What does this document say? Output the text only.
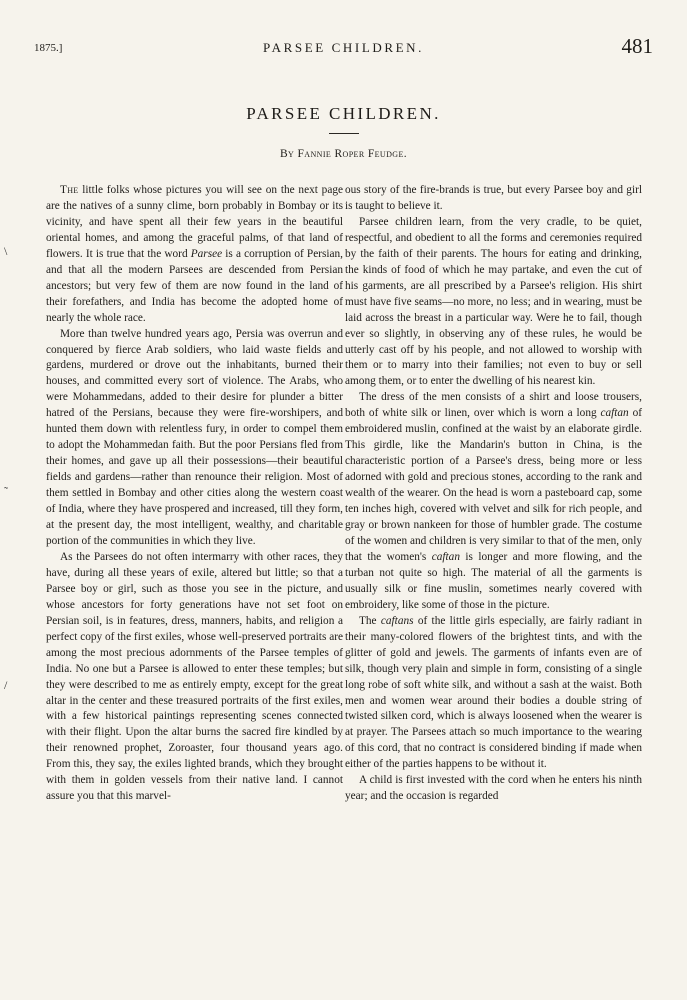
1875.]	PARSEE CHILDREN.	481
PARSEE CHILDREN.
By Fannie Roper Feudge.

The little folks whose pictures you will see on the next page are the natives of a sunny clime, born probably in Bombay or its vicinity, and have spent all their few years in the beautiful oriental homes, and among the graceful palms, of that land of flowers. It is true that the word Parsee is a corruption of Persian, and that all the modern Parsees are descended from Persian ancestors; but very few of them are now found in the land of their forefathers, and India has become the adopted home of nearly the whole race.

More than twelve hundred years ago, Persia was overrun and conquered by fierce Arab soldiers, who laid waste fields and gardens, murdered or drove out the inhabitants, burned their houses, and committed every sort of violence. The Arabs, who were Mohammedans, added to their desire for plunder a bitter hatred of the Persians, because they were fire-worshipers, and hunted them down with relentless fury, in order to compel them to adopt the Mohammedan faith. But the poor Persians fled from their homes, and gave up all their possessions—their beautiful fields and gardens—rather than renounce their religion. Most of them settled in Bombay and other cities along the western coast of India, where they have prospered and increased, till they form, at the present day, the most intelligent, wealthy, and charitable portion of the communities in which they live.

As the Parsees do not often intermarry with other races, they have, during all these years of exile, altered but little; so that a Parsee boy or girl, such as those you see in the picture, and whose ancestors for forty generations have not set foot on Persian soil, is in features, dress, manners, habits, and religion a perfect copy of the first exiles, whose well-preserved portraits are among the most precious adornments of the Parsee temples of India. No one but a Parsee is allowed to enter these temples; but they were described to me as entirely empty, except for the great altar in the center and these treasured portraits of the first exiles, with a few historical paintings representing scenes connected with their flight. Upon the altar burns the sacred fire kindled by their renowned prophet, Zoroaster, four thousand years ago. From this, they say, the exiles lighted brands, which they brought with them in golden vessels from their native land. I cannot assure you that this marvel-

ous story of the fire-brands is true, but every Parsee boy and girl is taught to believe it.

Parsee children learn, from the very cradle, to be quiet, respectful, and obedient to all the forms and ceremonies required by the faith of their parents. The hours for eating and drinking, the kinds of food of which he may partake, and even the cut of his garments, are all prescribed by a Parsee's religion. His shirt must have five seams—no more, no less; and in wearing, must be laid across the breast in a particular way. Were he to fail, though ever so slightly, in observing any of these rules, he would be utterly cast off by his people, and not allowed to worship with them or to marry into their families; not even to buy or sell among them, or to enter the dwelling of his nearest kin.

The dress of the men consists of a shirt and loose trousers, both of white silk or linen, over which is worn a long caftan of embroidered muslin, confined at the waist by an elaborate girdle. This girdle, like the Mandarin's button in China, is the characteristic portion of a Parsee's dress, being more or less adorned with gold and precious stones, according to the rank and wealth of the wearer. On the head is worn a pasteboard cap, some ten inches high, covered with velvet and silk for rich people, and gray or brown nankeen for those of humbler grade. The costume of the women and children is very similar to that of the men, only that the women's caftan is longer and more flowing, and the turban not quite so high. The material of all the garments is usually silk or fine muslin, sometimes nearly covered with embroidery, like some of those in the picture.

The caftans of the little girls especially, are fairly radiant in their many-colored flowers of the brightest tints, and with the glitter of gold and jewels. The garments of infants even are of silk, though very plain and simple in form, consisting of a single long robe of soft white silk, and without a sash at the waist. Both men and women wear around their bodies a double string of twisted silken cord, which is always loosened when the wearer is at prayer. The Parsees attach so much importance to the wearing of this cord, that no contract is considered binding if made when either of the parties happens to be without it.

A child is first invested with the cord when he enters his ninth year; and the occasion is regarded

\
˜
/
